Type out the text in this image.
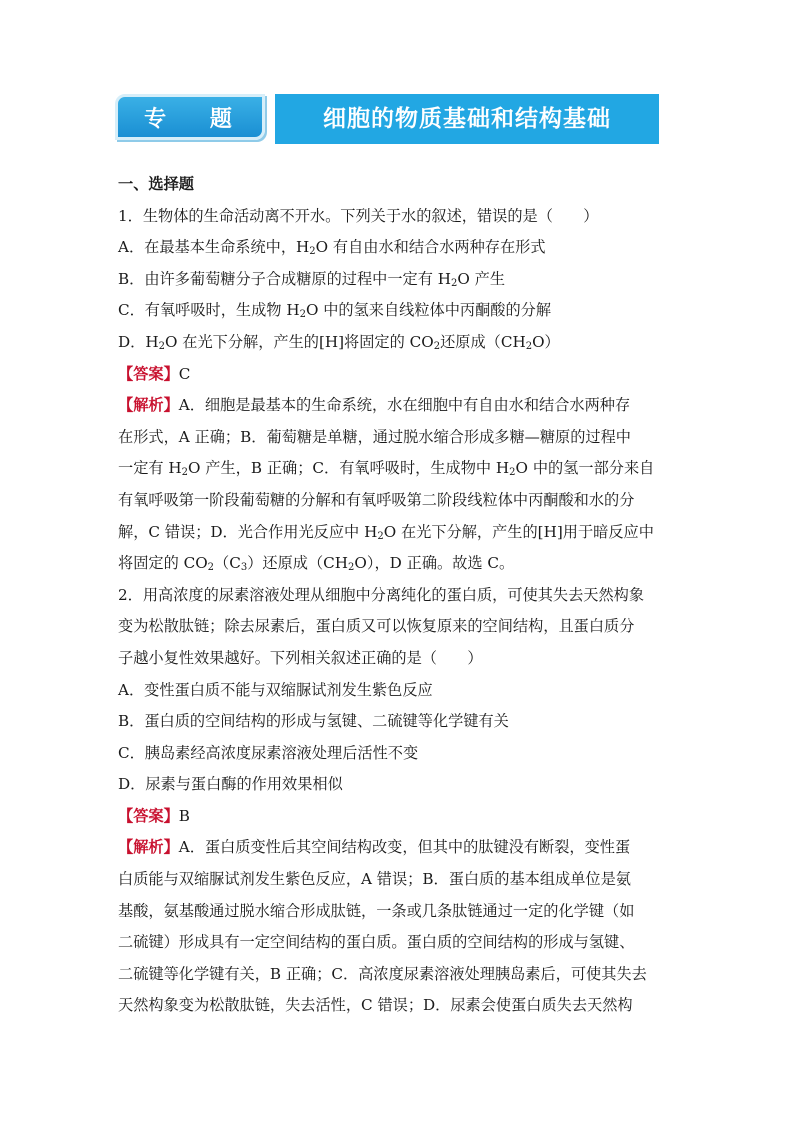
专 题 一
细胞的物质基础和结构基础
一、选择题
1．生物体的生命活动离不开水。下列关于水的叙述，错误的是（　　）
A．在最基本生命系统中，$H_2O$ 有自由水和结合水两种存在形式
B．由许多葡萄糖分子合成糖原的过程中一定有 $H_2O$ 产生
C．有氧呼吸时，生成物 $H_2O$ 中的氢来自线粒体中丙酮酸的分解
D．$H_2O$ 在光下分解，产生的[H]将固定的 $CO_2$还原成$(CH_2O)$
【答案】C
【解析】A．细胞是最基本的生命系统，水在细胞中有自由水和结合水两种存
在形式，A 正确；B．葡萄糖是单糖，通过脱水缩合形成多糖—糖原的过程中
一定有 $H_2O$ 产生，B 正确；C．有氧呼吸时，生成物中 $H_2O$ 中的氢一部分来自
有氧呼吸第一阶段葡萄糖的分解和有氧呼吸第二阶段线粒体中丙酮酸和水的分
解，C 错误；D．光合作用光反应中 $H_2O$ 在光下分解，产生的[H]用于暗反应中
将固定的 $CO_2(C_3)$还原成$(CH_2O)$，D 正确。故选 C。
2．用高浓度的尿素溶液处理从细胞中分离纯化的蛋白质，可使其失去天然构象
变为松散肽链；除去尿素后，蛋白质又可以恢复原来的空间结构，且蛋白质分
子越小复性效果越好。下列相关叙述正确的是（　　）
A．变性蛋白质不能与双缩脲试剂发生紫色反应
B．蛋白质的空间结构的形成与氢键、二硫键等化学键有关
C．胰岛素经高浓度尿素溶液处理后活性不变
D．尿素与蛋白酶的作用效果相似
【答案】B
【解析】A．蛋白质变性后其空间结构改变，但其中的肽键没有断裂，变性蛋
白质能与双缩脲试剂发生紫色反应，A 错误；B．蛋白质的基本组成单位是氨
基酸，氨基酸通过脱水缩合形成肽链，一条或几条肽链通过一定的化学键（如
二硫键）形成具有一定空间结构的蛋白质。蛋白质的空间结构的形成与氢键、
二硫键等化学键有关，B 正确；C．高浓度尿素溶液处理胰岛素后，可使其失去
天然构象变为松散肽链，失去活性，C 错误；D．尿素会使蛋白质失去天然构
